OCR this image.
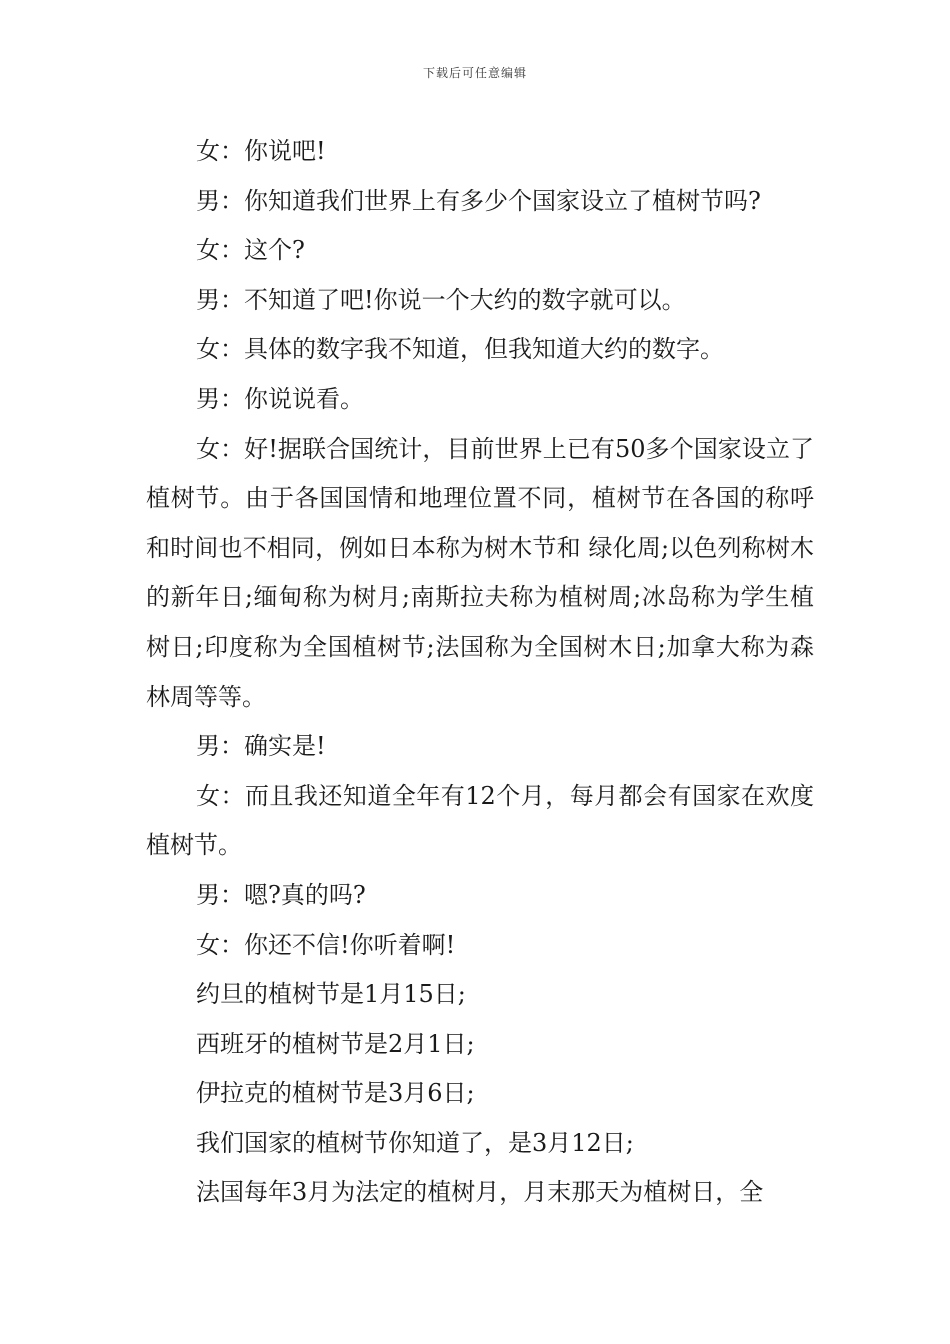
下载后可任意编辑

女：你说吧!

男：你知道我们世界上有多少个国家设立了植树节吗?

女：这个?

男：不知道了吧!你说一个大约的数字就可以。

女：具体的数字我不知道，但我知道大约的数字。

男：你说说看。

女：好!据联合国统计，目前世界上已有50多个国家设立了植树节。由于各国国情和地理位置不同，植树节在各国的称呼和时间也不相同，例如日本称为树木节和 绿化周;以色列称树木的新年日;缅甸称为树月;南斯拉夫称为植树周;冰岛称为学生植树日;印度称为全国植树节;法国称为全国树木日;加拿大称为森林周等等。

男：确实是!

女：而且我还知道全年有12个月，每月都会有国家在欢度植树节。

男：嗯?真的吗?

女：你还不信!你听着啊!

约旦的植树节是1月15日;

西班牙的植树节是2月1日;

伊拉克的植树节是3月6日;

我们国家的植树节你知道了，是3月12日;

法国每年3月为法定的植树月，月末那天为植树日，全
